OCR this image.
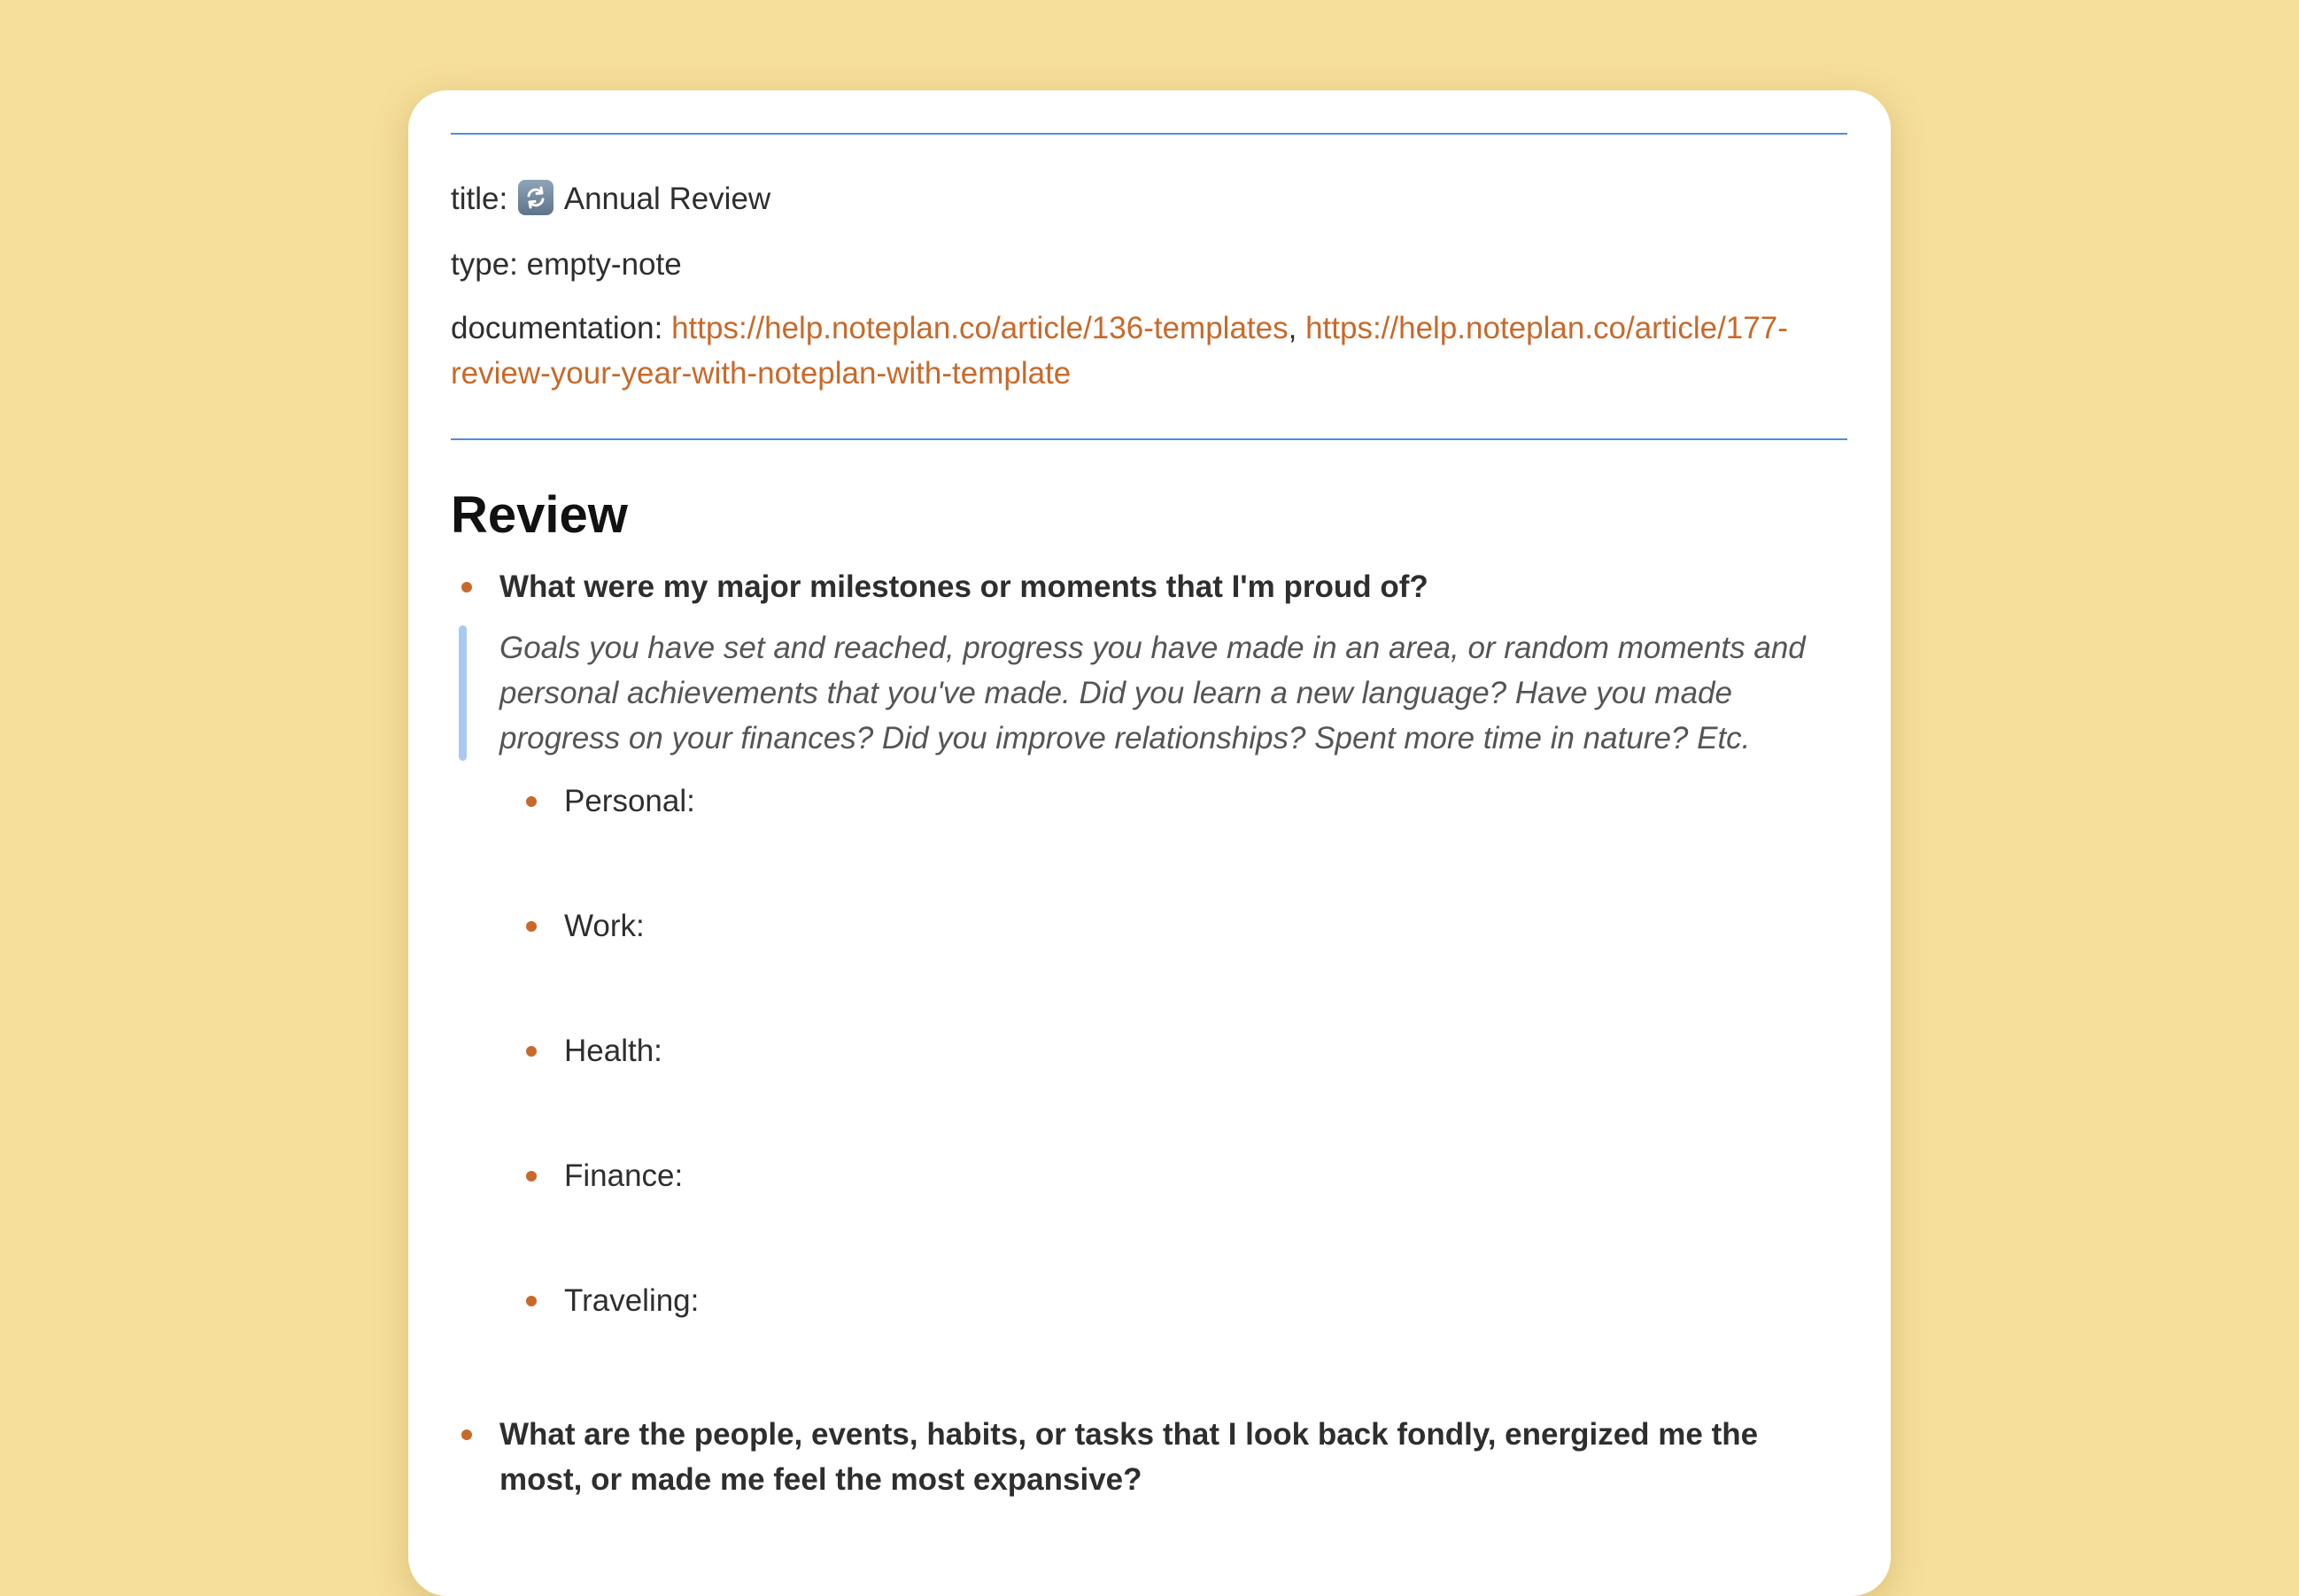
title: Annual Review

type: empty-note

documentation: https://help.noteplan.co/article/136-templates, https://help.noteplan.co/article/177-review-your-year-with-noteplan-with-template

Review
What were my major milestones or moments that I'm proud of?
Goals you have set and reached, progress you have made in an area, or random moments and personal achievements that you've made. Did you learn a new language? Have you made progress on your finances? Did you improve relationships? Spent more time in nature? Etc.
Personal:
Work:
Health:
Finance:
Traveling:
What are the people, events, habits, or tasks that I look back fondly, energized me the most, or made me feel the most expansive?
